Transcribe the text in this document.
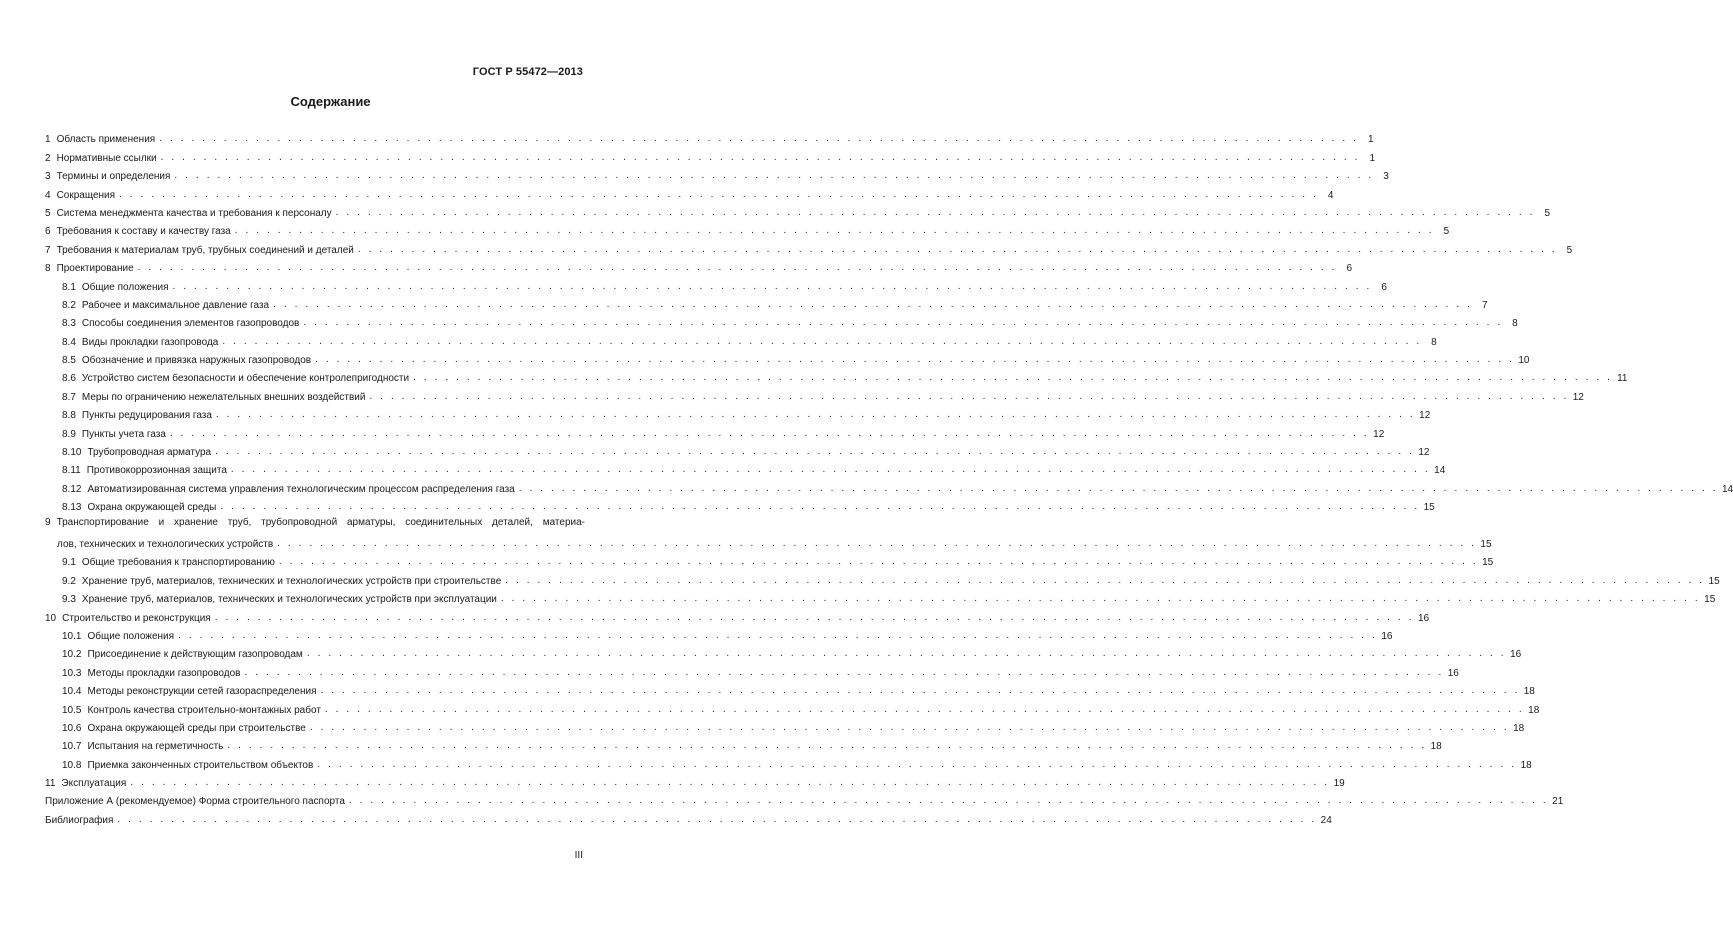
ГОСТ Р 55472—2013
Содержание
1 Область применения . . . . . . . . . . . . . . . . . . . . . . . . . . . . . . . . . . . . . . . . . . . . . . . . . . . . . . . . . . . . . . . . . . . . . . . . . . . . . . . . . . . . . . . . . . . . . . . . . . . . . . . . . . . . . . . . 1
2 Нормативные ссылки . . . . . . . . . . . . . . . . . . . . . . . . . . . . . . . . . . . . . . . . . . . . . . . . . . . . . . . . . . . . . . . . . . . . . . . . . . . . . . . . . . . . . . . . . . . . . . . . . . . . . . . . . . . . . . . . 1
3 Термины и определения . . . . . . . . . . . . . . . . . . . . . . . . . . . . . . . . . . . . . . . . . . . . . . . . . . . . . . . . . . . . . . . . . . . . . . . . . . . . . . . . . . . . . . . . . . . . . . . . . . . . . . . . . . . . . . . . 3
4 Сокращения . . . . . . . . . . . . . . . . . . . . . . . . . . . . . . . . . . . . . . . . . . . . . . . . . . . . . . . . . . . . . . . . . . . . . . . . . . . . . . . . . . . . . . . . . . . . . . . . . . . . . . . . . . . . . . . . 4
5 Система менеджмента качества и требования к персоналу . . . . . . . . . . . . . . . . . . . . . . . . . . . . . . . . . . . . . . . . . . . . . . . . . . . . . . . . . . . . . . . . . . . . . . . . . . . . . . . . . . . . . . . . . . . . . . . . . . . . . . . . . . . . . . . . 5
6 Требования к составу и качеству газа . . . . . . . . . . . . . . . . . . . . . . . . . . . . . . . . . . . . . . . . . . . . . . . . . . . . . . . . . . . . . . . . . . . . . . . . . . . . . . . . . . . . . . . . . . . . . . . . . . . . . . . . . . . . . . . . 5
7 Требования к материалам труб, трубных соединений и деталей . . . . . . . . . . . . . . . . . . . . . . . . . . . . . . . . . . . . . . . . . . . . . . . . . . . . . . . . . . . . . . . . . . . . . . . . . . . . . . . . . . . . . . . . . . . . . . . . . . . . . . . . . . . . . . . . 5
8 Проектирование . . . . . . . . . . . . . . . . . . . . . . . . . . . . . . . . . . . . . . . . . . . . . . . . . . . . . . . . . . . . . . . . . . . . . . . . . . . . . . . . . . . . . . . . . . . . . . . . . . . . . . . . . . . . . . . . 6
8.1 Общие положения . . . . . . . . . . . . . . . . . . . . . . . . . . . . . . . . . . . . . . . . . . . . . . . . . . . . . . . . . . . . . . . . . . . . . . . . . . . . . . . . . . . . . . . . . . . . . . . . . . . . . . . . . . . . . . . . 6
8.2 Рабочее и максимальное давление газа . . . . . . . . . . . . . . . . . . . . . . . . . . . . . . . . . . . . . . . . . . . . . . . . . . . . . . . . . . . . . . . . . . . . . . . . . . . . . . . . . . . . . . . . . . . . . . . . . . . . . . . . . . . . . . . . 7
8.3 Способы соединения элементов газопроводов . . . . . . . . . . . . . . . . . . . . . . . . . . . . . . . . . . . . . . . . . . . . . . . . . . . . . . . . . . . . . . . . . . . . . . . . . . . . . . . . . . . . . . . . . . . . . . . . . . . . . . . . . . . . . . . . 8
8.4 Виды прокладки газопровода . . . . . . . . . . . . . . . . . . . . . . . . . . . . . . . . . . . . . . . . . . . . . . . . . . . . . . . . . . . . . . . . . . . . . . . . . . . . . . . . . . . . . . . . . . . . . . . . . . . . . . . . . . . . . . . . 8
8.5 Обозначение и привязка наружных газопроводов . . . . . . . . . . . . . . . . . . . . . . . . . . . . . . . . . . . . . . . . . . . . . . . . . . . . . . . . . . . . . . . . . . . . . . . . . . . . . . . . . . . . . . . . . . . . . . . . . . . . . . . . . . . . . . . . 10
8.6 Устройство систем безопасности и обеспечение контролепригодности . . . . . . . . . . . . . . . . . . . . . . . . . . . . . . . . . . . . . . . . . . . . . . . . . . . . . . . . . . . . . . . . . . . . . . . . . . . . . . . . . . . . . . . . . . . . . . . . . . . . . . . . . . . . . . . . 11
8.7 Меры по ограничению нежелательных внешних воздействий . . . . . . . . . . . . . . . . . . . . . . . . . . . . . . . . . . . . . . . . . . . . . . . . . . . . . . . . . . . . . . . . . . . . . . . . . . . . . . . . . . . . . . . . . . . . . . . . . . . . . . . . . . . . . . . . 12
8.8 Пункты редуцирования газа . . . . . . . . . . . . . . . . . . . . . . . . . . . . . . . . . . . . . . . . . . . . . . . . . . . . . . . . . . . . . . . . . . . . . . . . . . . . . . . . . . . . . . . . . . . . . . . . . . . . . . . . . . . . . . . . 12
8.9 Пункты учета газа . . . . . . . . . . . . . . . . . . . . . . . . . . . . . . . . . . . . . . . . . . . . . . . . . . . . . . . . . . . . . . . . . . . . . . . . . . . . . . . . . . . . . . . . . . . . . . . . . . . . . . . . . . . . . . . . 12
8.10 Трубопроводная арматура . . . . . . . . . . . . . . . . . . . . . . . . . . . . . . . . . . . . . . . . . . . . . . . . . . . . . . . . . . . . . . . . . . . . . . . . . . . . . . . . . . . . . . . . . . . . . . . . . . . . . . . . . . . . . . . . 12
8.11 Противокоррозионная защита . . . . . . . . . . . . . . . . . . . . . . . . . . . . . . . . . . . . . . . . . . . . . . . . . . . . . . . . . . . . . . . . . . . . . . . . . . . . . . . . . . . . . . . . . . . . . . . . . . . . . . . . . . . . . . . . 14
8.12 Автоматизированная система управления технологическим процессом распределения газа . . . . . . . . . . . . . . . . . . . . . . . . . . . . . . . . . . . . . . . . . . . . . . . . . . . . . . . . . . . . . . . . . . . . . . . . . . . . . . . . . . . . . . . . . . . . . . . . . . . . . . . . . . . . . . . . 14
8.13 Охрана окружающей среды . . . . . . . . . . . . . . . . . . . . . . . . . . . . . . . . . . . . . . . . . . . . . . . . . . . . . . . . . . . . . . . . . . . . . . . . . . . . . . . . . . . . . . . . . . . . . . . . . . . . . . . . . . . . . . . . 15
9 Транспортирование и хранение труб, трубопроводной арматуры, соединительных деталей, материа-
лов, технических и технологических устройств . . . . . . . . . . . . . . . . . . . . . . . . . . . . . . . . . . . . . . . . . . . . . . . . . . . . . . . . . . . . . . . . . . . . . . . . . . . . . . . . . . . . . . . . . . . . . . . . . . . . . . . . . . . . . . . . 15
9.1 Общие требования к транспортированию . . . . . . . . . . . . . . . . . . . . . . . . . . . . . . . . . . . . . . . . . . . . . . . . . . . . . . . . . . . . . . . . . . . . . . . . . . . . . . . . . . . . . . . . . . . . . . . . . . . . . . . . . . . . . . . . 15
9.2 Хранение труб, материалов, технических и технологических устройств при строительстве . . . . . . . . . . . . . . . . . . . . . . . . . . . . . . . . . . . . . . . . . . . . . . . . . . . . . . . . . . . . . . . . . . . . . . . . . . . . . . . . . . . . . . . . . . . . . . . . . . . . . . . . . . . . . . . . 15
9.3 Хранение труб, материалов, технических и технологических устройств при эксплуатации . . . . . . . . . . . . . . . . . . . . . . . . . . . . . . . . . . . . . . . . . . . . . . . . . . . . . . . . . . . . . . . . . . . . . . . . . . . . . . . . . . . . . . . . . . . . . . . . . . . . . . . . . . . . . . . . 15
10 Строительство и реконструкция . . . . . . . . . . . . . . . . . . . . . . . . . . . . . . . . . . . . . . . . . . . . . . . . . . . . . . . . . . . . . . . . . . . . . . . . . . . . . . . . . . . . . . . . . . . . . . . . . . . . . . . . . . . . . . . . 16
10.1 Общие положения . . . . . . . . . . . . . . . . . . . . . . . . . . . . . . . . . . . . . . . . . . . . . . . . . . . . . . . . . . . . . . . . . . . . . . . . . . . . . . . . . . . . . . . . . . . . . . . . . . . . . . . . . . . . . . . . 16
10.2 Присоединение к действующим газопроводам . . . . . . . . . . . . . . . . . . . . . . . . . . . . . . . . . . . . . . . . . . . . . . . . . . . . . . . . . . . . . . . . . . . . . . . . . . . . . . . . . . . . . . . . . . . . . . . . . . . . . . . . . . . . . . . . 16
10.3 Методы прокладки газопроводов . . . . . . . . . . . . . . . . . . . . . . . . . . . . . . . . . . . . . . . . . . . . . . . . . . . . . . . . . . . . . . . . . . . . . . . . . . . . . . . . . . . . . . . . . . . . . . . . . . . . . . . . . . . . . . . . 16
10.4 Методы реконструкции сетей газораспределения . . . . . . . . . . . . . . . . . . . . . . . . . . . . . . . . . . . . . . . . . . . . . . . . . . . . . . . . . . . . . . . . . . . . . . . . . . . . . . . . . . . . . . . . . . . . . . . . . . . . . . . . . . . . . . . . 18
10.5 Контроль качества строительно-монтажных работ . . . . . . . . . . . . . . . . . . . . . . . . . . . . . . . . . . . . . . . . . . . . . . . . . . . . . . . . . . . . . . . . . . . . . . . . . . . . . . . . . . . . . . . . . . . . . . . . . . . . . . . . . . . . . . . . 18
10.6 Охрана окружающей среды при строительстве . . . . . . . . . . . . . . . . . . . . . . . . . . . . . . . . . . . . . . . . . . . . . . . . . . . . . . . . . . . . . . . . . . . . . . . . . . . . . . . . . . . . . . . . . . . . . . . . . . . . . . . . . . . . . . . . 18
10.7 Испытания на герметичность . . . . . . . . . . . . . . . . . . . . . . . . . . . . . . . . . . . . . . . . . . . . . . . . . . . . . . . . . . . . . . . . . . . . . . . . . . . . . . . . . . . . . . . . . . . . . . . . . . . . . . . . . . . . . . . . 18
10.8 Приемка законченных строительством объектов . . . . . . . . . . . . . . . . . . . . . . . . . . . . . . . . . . . . . . . . . . . . . . . . . . . . . . . . . . . . . . . . . . . . . . . . . . . . . . . . . . . . . . . . . . . . . . . . . . . . . . . . . . . . . . . . 18
11 Эксплуатация . . . . . . . . . . . . . . . . . . . . . . . . . . . . . . . . . . . . . . . . . . . . . . . . . . . . . . . . . . . . . . . . . . . . . . . . . . . . . . . . . . . . . . . . . . . . . . . . . . . . . . . . . . . . . . . . 19
Приложение А (рекомендуемое) Форма строительного паспорта . . . . . . . . . . . . . . . . . . . . . . . . . . . . . . . . . . . . . . . . . . . . . . . . . . . . . . . . . . . . . . . . . . . . . . . . . . . . . . . . . . . . . . . . . . . . . . . . . . . . . . . . . . . . . . . . 21
Библиография . . . . . . . . . . . . . . . . . . . . . . . . . . . . . . . . . . . . . . . . . . . . . . . . . . . . . . . . . . . . . . . . . . . . . . . . . . . . . . . . . . . . . . . . . . . . . . . . . . . . . . . . . . . . . . . . 24
III
